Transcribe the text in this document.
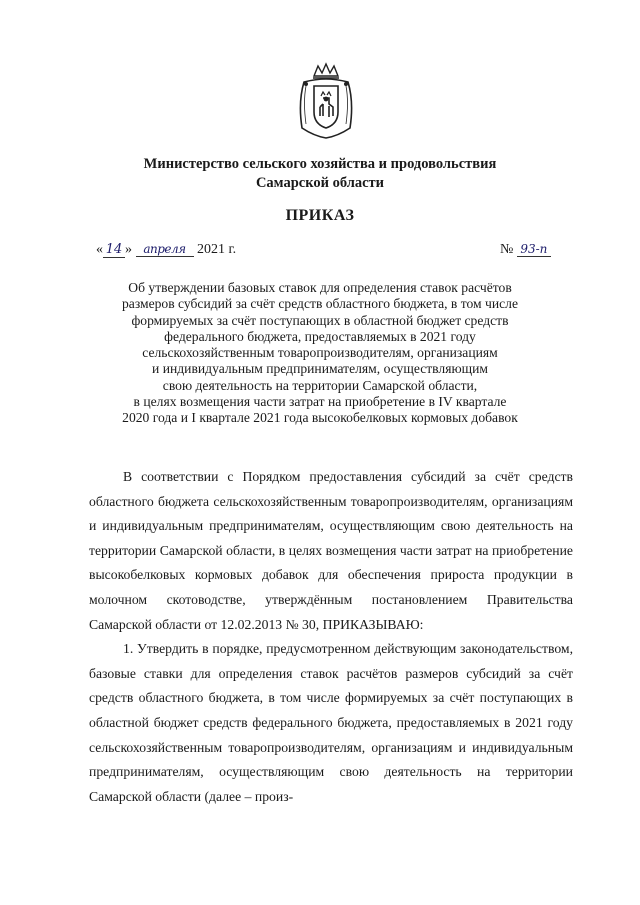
Министерство сельского хозяйства и продовольствия
Самарской области
ПРИКАЗ
« 14 » апреля 2021 г.	№ 93-п
Об утверждении базовых ставок для определения ставок расчётов
размеров субсидий за счёт средств областного бюджета, в том числе
формируемых за счёт поступающих в областной бюджет средств
федерального бюджета, предоставляемых в 2021 году
сельскохозяйственным товаропроизводителям, организациям
и индивидуальным предпринимателям, осуществляющим
свою деятельность на территории Самарской области,
в целях возмещения части затрат на приобретение в IV квартале
2020 года и I квартале 2021 года высокобелковых кормовых добавок

В соответствии с Порядком предоставления субсидий за счёт средств областного бюджета сельскохозяйственным товаропроизводителям, организациям и индивидуальным предпринимателям, осуществляющим свою деятельность на территории Самарской области, в целях возмещения части затрат на приобретение высокобелковых кормовых добавок для обеспечения прироста продукции в молочном скотоводстве, утверждённым постановлением Правительства Самарской области от 12.02.2013 № 30, ПРИКАЗЫВАЮ:

1. Утвердить в порядке, предусмотренном действующим законодательством, базовые ставки для определения ставок расчётов размеров субсидий за счёт средств областного бюджета, в том числе формируемых за счёт поступающих в областной бюджет средств федерального бюджета, предоставляемых в 2021 году сельскохозяйственным товаропроизводителям, организациям и индивидуальным предпринимателям, осуществляющим свою деятельность на территории Самарской области (далее – произ-
